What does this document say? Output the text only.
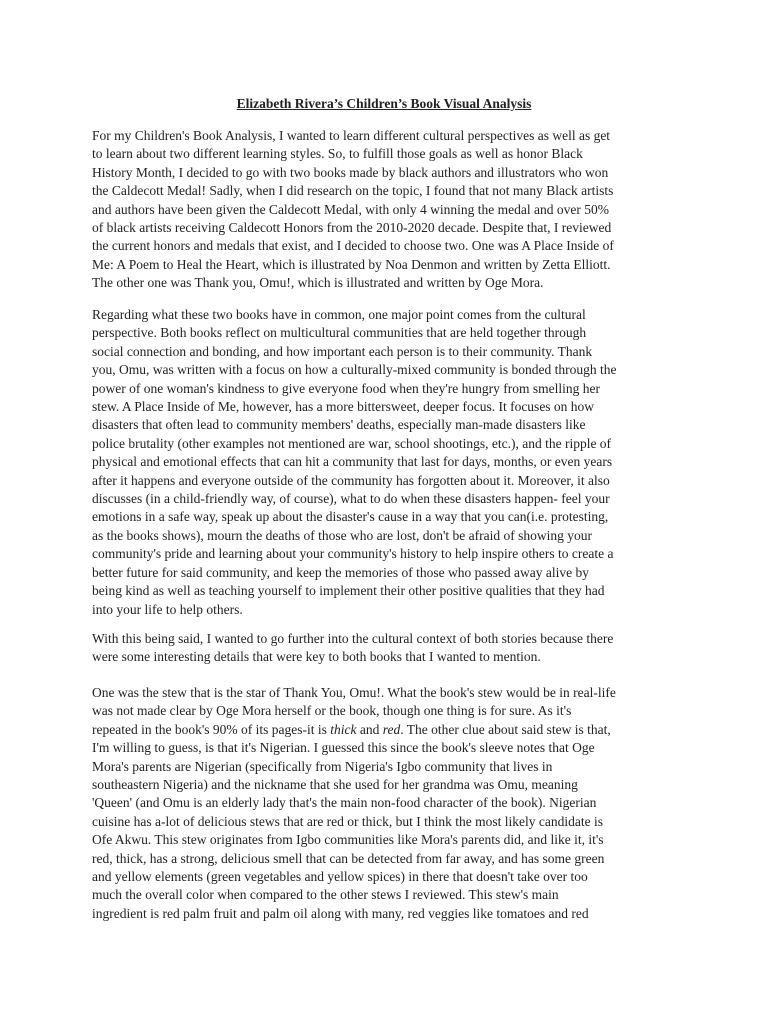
Elizabeth Rivera’s Children’s Book Visual Analysis
For my Children's Book Analysis, I wanted to learn different cultural perspectives as well as get
to learn about two different learning styles. So, to fulfill those goals as well as honor Black
History Month, I decided to go with two books made by black authors and illustrators who won
the Caldecott Medal! Sadly, when I did research on the topic, I found that not many Black artists
and authors have been given the Caldecott Medal, with only 4 winning the medal and over 50%
of black artists receiving Caldecott Honors from the 2010-2020 decade. Despite that, I reviewed
the current honors and medals that exist, and I decided to choose two. One was A Place Inside of
Me: A Poem to Heal the Heart, which is illustrated by Noa Denmon and written by Zetta Elliott.
The other one was Thank you, Omu!, which is illustrated and written by Oge Mora.
Regarding what these two books have in common, one major point comes from the cultural
perspective. Both books reflect on multicultural communities that are held together through
social connection and bonding, and how important each person is to their community. Thank
you, Omu, was written with a focus on how a culturally-mixed community is bonded through the
power of one woman's kindness to give everyone food when they're hungry from smelling her
stew. A Place Inside of Me, however, has a more bittersweet, deeper focus. It focuses on how
disasters that often lead to community members' deaths, especially man-made disasters like
police brutality (other examples not mentioned are war, school shootings, etc.), and the ripple of
physical and emotional effects that can hit a community that last for days, months, or even years
after it happens and everyone outside of the community has forgotten about it. Moreover, it also
discusses (in a child-friendly way, of course), what to do when these disasters happen- feel your
emotions in a safe way, speak up about the disaster's cause in a way that you can(i.e. protesting,
as the books shows), mourn the deaths of those who are lost, don't be afraid of showing your
community's pride and learning about your community's history to help inspire others to create a
better future for said community, and keep the memories of those who passed away alive by
being kind as well as teaching yourself to implement their other positive qualities that they had
into your life to help others.
With this being said, I wanted to go further into the cultural context of both stories because there
were some interesting details that were key to both books that I wanted to mention.
One was the stew that is the star of Thank You, Omu!. What the book's stew would be in real-life
was not made clear by Oge Mora herself or the book, though one thing is for sure. As it's
repeated in the book's 90% of its pages-it is thick and red. The other clue about said stew is that,
I'm willing to guess, is that it's Nigerian. I guessed this since the book's sleeve notes that Oge
Mora's parents are Nigerian (specifically from Nigeria's Igbo community that lives in
southeastern Nigeria) and the nickname that she used for her grandma was Omu, meaning
'Queen' (and Omu is an elderly lady that's the main non-food character of the book). Nigerian
cuisine has a-lot of delicious stews that are red or thick, but I think the most likely candidate is
Ofe Akwu. This stew originates from Igbo communities like Mora's parents did, and like it, it's
red, thick, has a strong, delicious smell that can be detected from far away, and has some green
and yellow elements (green vegetables and yellow spices) in there that doesn't take over too
much the overall color when compared to the other stews I reviewed. This stew's main
ingredient is red palm fruit and palm oil along with many, red veggies like tomatoes and red
